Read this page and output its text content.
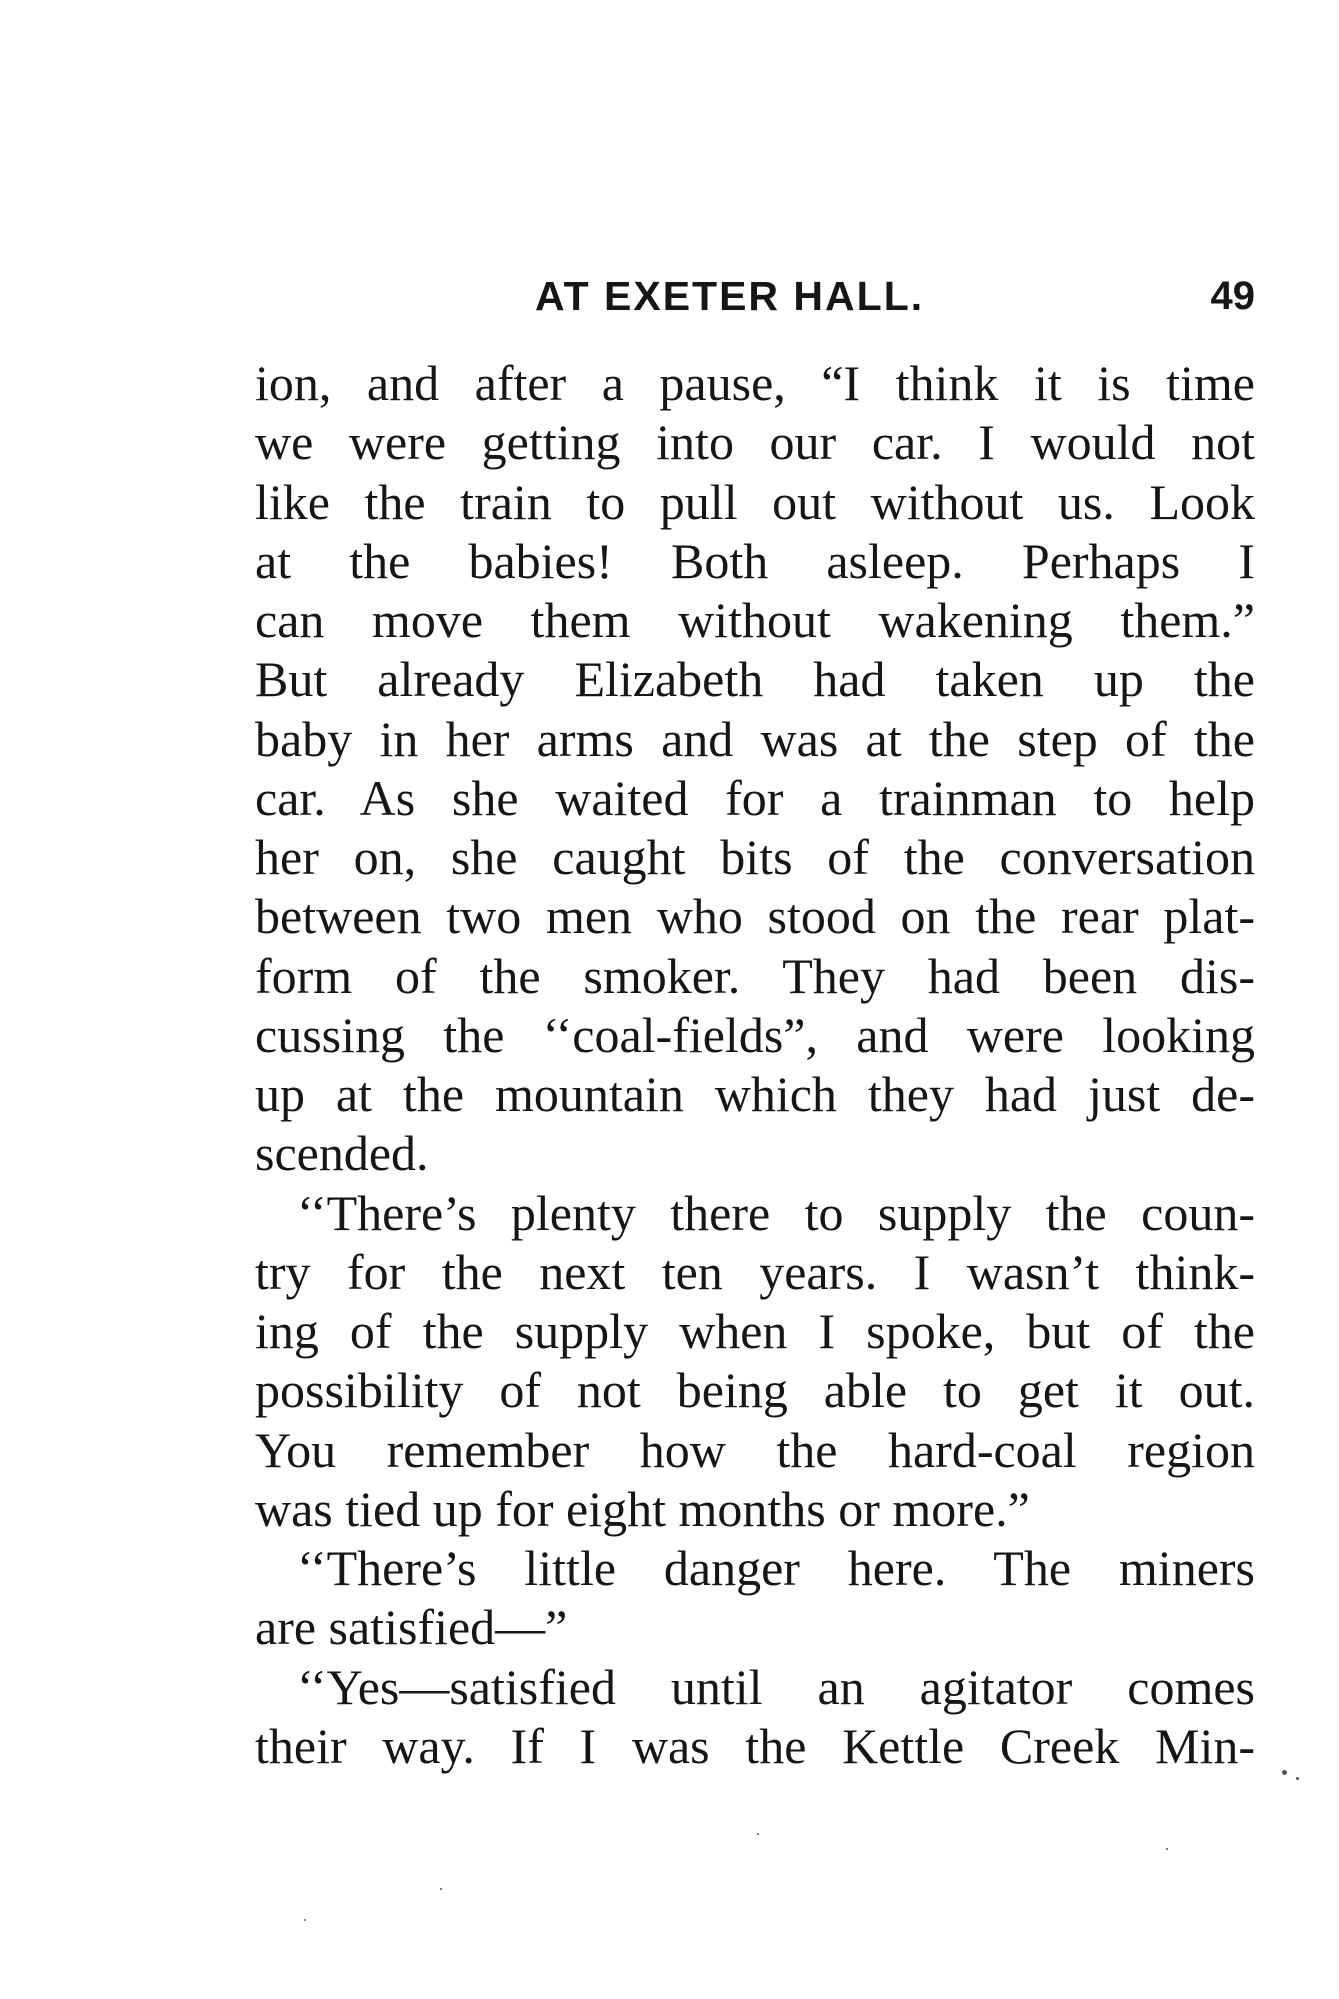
AT EXETER HALL.	49
ion, and after a pause, “I think it is time
we were getting into our car. I would not
like the train to pull out without us. Look
at the babies! Both asleep. Perhaps I
can move them without wakening them.”
But already Elizabeth had taken up the
baby in her arms and was at the step of the
car. As she waited for a trainman to help
her on, she caught bits of the conversation
between two men who stood on the rear plat-
form of the smoker. They had been dis-
cussing the ‘‘coal-fields”, and were looking
up at the mountain which they had just de-
scended.
‘‘There’s plenty there to supply the coun-
try for the next ten years. I wasn’t think-
ing of the supply when I spoke, but of the
possibility of not being able to get it out.
You remember how the hard-coal region
was tied up for eight months or more.”
‘‘There’s little danger here. The miners
are satisfied—”
‘‘Yes—satisfied until an agitator comes
their way. If I was the Kettle Creek Min-
